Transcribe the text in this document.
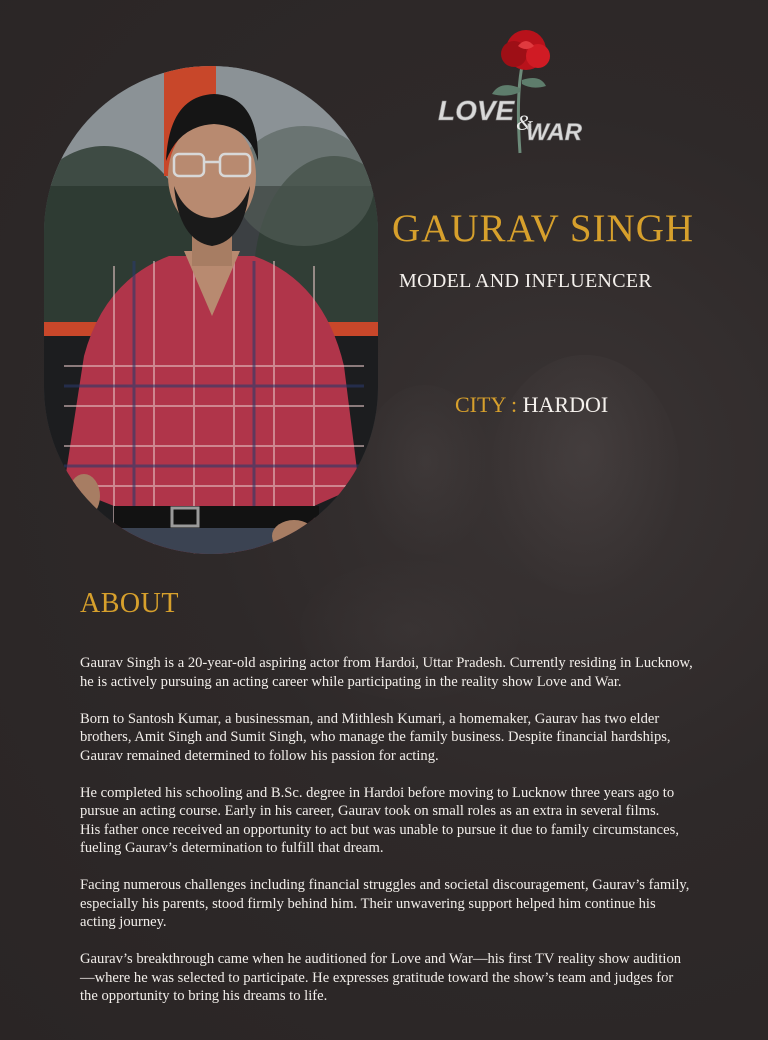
LOVE &
WAR
GAURAV SINGH

MODEL AND INFLUENCER

CITY : HARDOI

ABOUT

Gaurav Singh is a 20-year-old aspiring actor from Hardoi, Uttar Pradesh. Currently residing in Lucknow,
he is actively pursuing an acting career while participating in the reality show Love and War.

Born to Santosh Kumar, a businessman, and Mithlesh Kumari, a homemaker, Gaurav has two elder
brothers, Amit Singh and Sumit Singh, who manage the family business. Despite financial hardships,
Gaurav remained determined to follow his passion for acting.

He completed his schooling and B.Sc. degree in Hardoi before moving to Lucknow three years ago to
pursue an acting course. Early in his career, Gaurav took on small roles as an extra in several films.
His father once received an opportunity to act but was unable to pursue it due to family circumstances,
fueling Gaurav’s determination to fulfill that dream.

Facing numerous challenges including financial struggles and societal discouragement, Gaurav’s family,
especially his parents, stood firmly behind him. Their unwavering support helped him continue his
acting journey.

Gaurav’s breakthrough came when he auditioned for Love and War—his first TV reality show audition
—where he was selected to participate. He expresses gratitude toward the show’s team and judges for
the opportunity to bring his dreams to life.
